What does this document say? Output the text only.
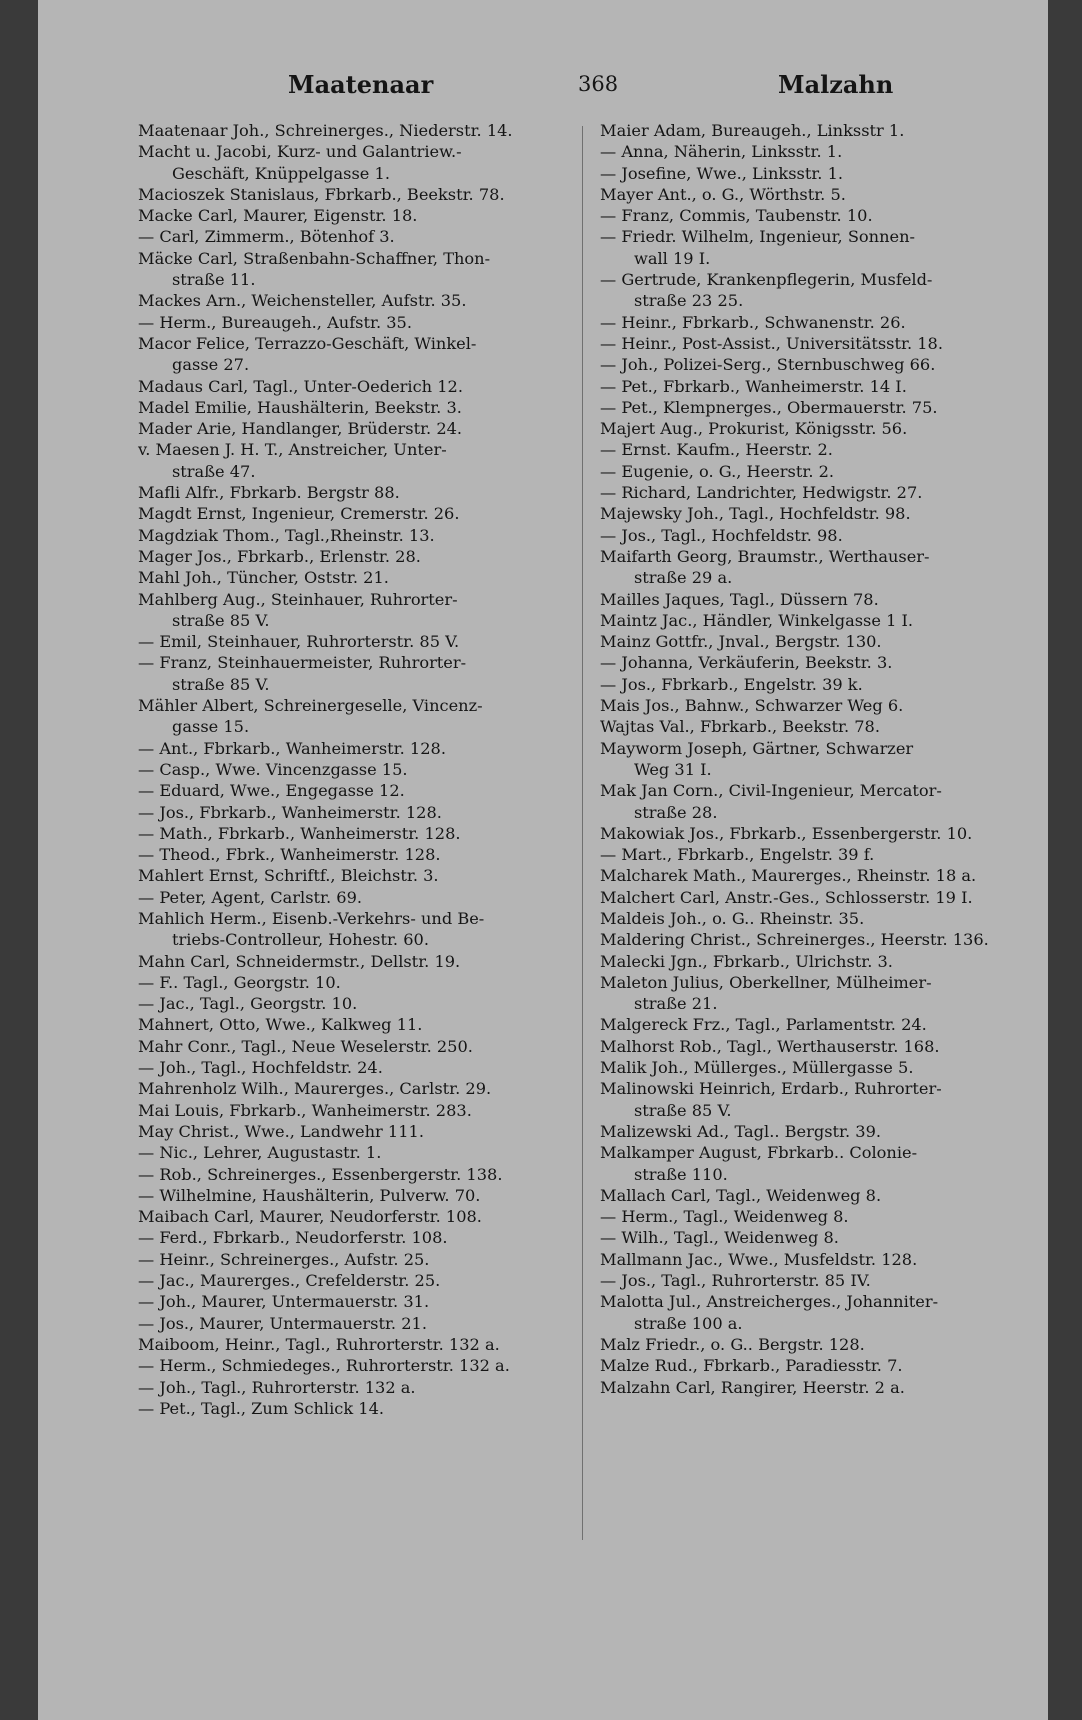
Maatenaar	368	Malzahn
Maatenaar Joh., Schreinerges., Niederstr. 14.
Macht u. Jacobi, Kurz- und Galantriew.-
Geschäft, Knüppelgasse 1.
Macioszek Stanislaus, Fbrkarb., Beekstr. 78.
Macke Carl, Maurer, Eigenstr. 18.
— Carl, Zimmerm., Bötenhof 3.
Mäcke Carl, Straßenbahn-Schaffner, Thon-
straße 11.
Mackes Arn., Weichensteller, Aufstr. 35.
— Herm., Bureaugeh., Aufstr. 35.
Macor Felice, Terrazzo-Geschäft, Winkel-
gasse 27.
Madaus Carl, Tagl., Unter-Oederich 12.
Madel Emilie, Haushälterin, Beekstr. 3.
Mader Arie, Handlanger, Brüderstr. 24.
v. Maesen J. H. T., Anstreicher, Unter-
straße 47.
Mafli Alfr., Fbrkarb. Bergstr 88.
Magdt Ernst, Ingenieur, Cremerstr. 26.
Magdziak Thom., Tagl.,Rheinstr. 13.
Mager Jos., Fbrkarb., Erlenstr. 28.
Mahl Joh., Tüncher, Oststr. 21.
Mahlberg Aug., Steinhauer, Ruhrorter-
straße 85 V.
— Emil, Steinhauer, Ruhrorterstr. 85 V.
— Franz, Steinhauermeister, Ruhrorter-
straße 85 V.
Mähler Albert, Schreinergeselle, Vincenz-
gasse 15.
— Ant., Fbrkarb., Wanheimerstr. 128.
— Casp., Wwe. Vincenzgasse 15.
— Eduard, Wwe., Engegasse 12.
— Jos., Fbrkarb., Wanheimerstr. 128.
— Math., Fbrkarb., Wanheimerstr. 128.
— Theod., Fbrk., Wanheimerstr. 128.
Mahlert Ernst, Schriftf., Bleichstr. 3.
— Peter, Agent, Carlstr. 69.
Mahlich Herm., Eisenb.-Verkehrs- und Be-
triebs-Controlleur, Hohestr. 60.
Mahn Carl, Schneidermstr., Dellstr. 19.
— F.. Tagl., Georgstr. 10.
— Jac., Tagl., Georgstr. 10.
Mahnert, Otto, Wwe., Kalkweg 11.
Mahr Conr., Tagl., Neue Weselerstr. 250.
— Joh., Tagl., Hochfeldstr. 24.
Mahrenholz Wilh., Maurerges., Carlstr. 29.
Mai Louis, Fbrkarb., Wanheimerstr. 283.
May Christ., Wwe., Landwehr 111.
— Nic., Lehrer, Augustastr. 1.
— Rob., Schreinerges., Essenbergerstr. 138.
— Wilhelmine, Haushälterin, Pulverw. 70.
Maibach Carl, Maurer, Neudorferstr. 108.
— Ferd., Fbrkarb., Neudorferstr. 108.
— Heinr., Schreinerges., Aufstr. 25.
— Jac., Maurerges., Crefelderstr. 25.
— Joh., Maurer, Untermauerstr. 31.
— Jos., Maurer, Untermauerstr. 21.
Maiboom, Heinr., Tagl., Ruhrorterstr. 132 a.
— Herm., Schmiedeges., Ruhrorterstr. 132 a.
— Joh., Tagl., Ruhrorterstr. 132 a.
— Pet., Tagl., Zum Schlick 14.
Maier Adam, Bureaugeh., Linksstr 1.
— Anna, Näherin, Linksstr. 1.
— Josefine, Wwe., Linksstr. 1.
Mayer Ant., o. G., Wörthstr. 5.
— Franz, Commis, Taubenstr. 10.
— Friedr. Wilhelm, Ingenieur, Sonnen-
wall 19 I.
— Gertrude, Krankenpflegerin, Musfeld-
straße 23 25.
— Heinr., Fbrkarb., Schwanenstr. 26.
— Heinr., Post-Assist., Universitätsstr. 18.
— Joh., Polizei-Serg., Sternbuschweg 66.
— Pet., Fbrkarb., Wanheimerstr. 14 I.
— Pet., Klempnerges., Obermauerstr. 75.
Majert Aug., Prokurist, Königsstr. 56.
— Ernst. Kaufm., Heerstr. 2.
— Eugenie, o. G., Heerstr. 2.
— Richard, Landrichter, Hedwigstr. 27.
Majewsky Joh., Tagl., Hochfeldstr. 98.
— Jos., Tagl., Hochfeldstr. 98.
Maifarth Georg, Braumstr., Werthauser-
straße 29 a.
Mailles Jaques, Tagl., Düssern 78.
Maintz Jac., Händler, Winkelgasse 1 I.
Mainz Gottfr., Jnval., Bergstr. 130.
— Johanna, Verkäuferin, Beekstr. 3.
— Jos., Fbrkarb., Engelstr. 39 k.
Mais Jos., Bahnw., Schwarzer Weg 6.
Wajtas Val., Fbrkarb., Beekstr. 78.
Mayworm Joseph, Gärtner, Schwarzer
Weg 31 I.
Mak Jan Corn., Civil-Ingenieur, Mercator-
straße 28.
Makowiak Jos., Fbrkarb., Essenbergerstr. 10.
— Mart., Fbrkarb., Engelstr. 39 f.
Malcharek Math., Maurerges., Rheinstr. 18 a.
Malchert Carl, Anstr.-Ges., Schlosserstr. 19 I.
Maldeis Joh., o. G.. Rheinstr. 35.
Maldering Christ., Schreinerges., Heerstr. 136.
Malecki Jgn., Fbrkarb., Ulrichstr. 3.
Maleton Julius, Oberkellner, Mülheimer-
straße 21.
Malgereck Frz., Tagl., Parlamentstr. 24.
Malhorst Rob., Tagl., Werthauserstr. 168.
Malik Joh., Müllerges., Müllergasse 5.
Malinowski Heinrich, Erdarb., Ruhrorter-
straße 85 V.
Malizewski Ad., Tagl.. Bergstr. 39.
Malkamper August, Fbrkarb.. Colonie-
straße 110.
Mallach Carl, Tagl., Weidenweg 8.
— Herm., Tagl., Weidenweg 8.
— Wilh., Tagl., Weidenweg 8.
Mallmann Jac., Wwe., Musfeldstr. 128.
— Jos., Tagl., Ruhrorterstr. 85 IV.
Malotta Jul., Anstreicherges., Johanniter-
straße 100 a.
Malz Friedr., o. G.. Bergstr. 128.
Malze Rud., Fbrkarb., Paradiesstr. 7.
Malzahn Carl, Rangirer, Heerstr. 2 a.
